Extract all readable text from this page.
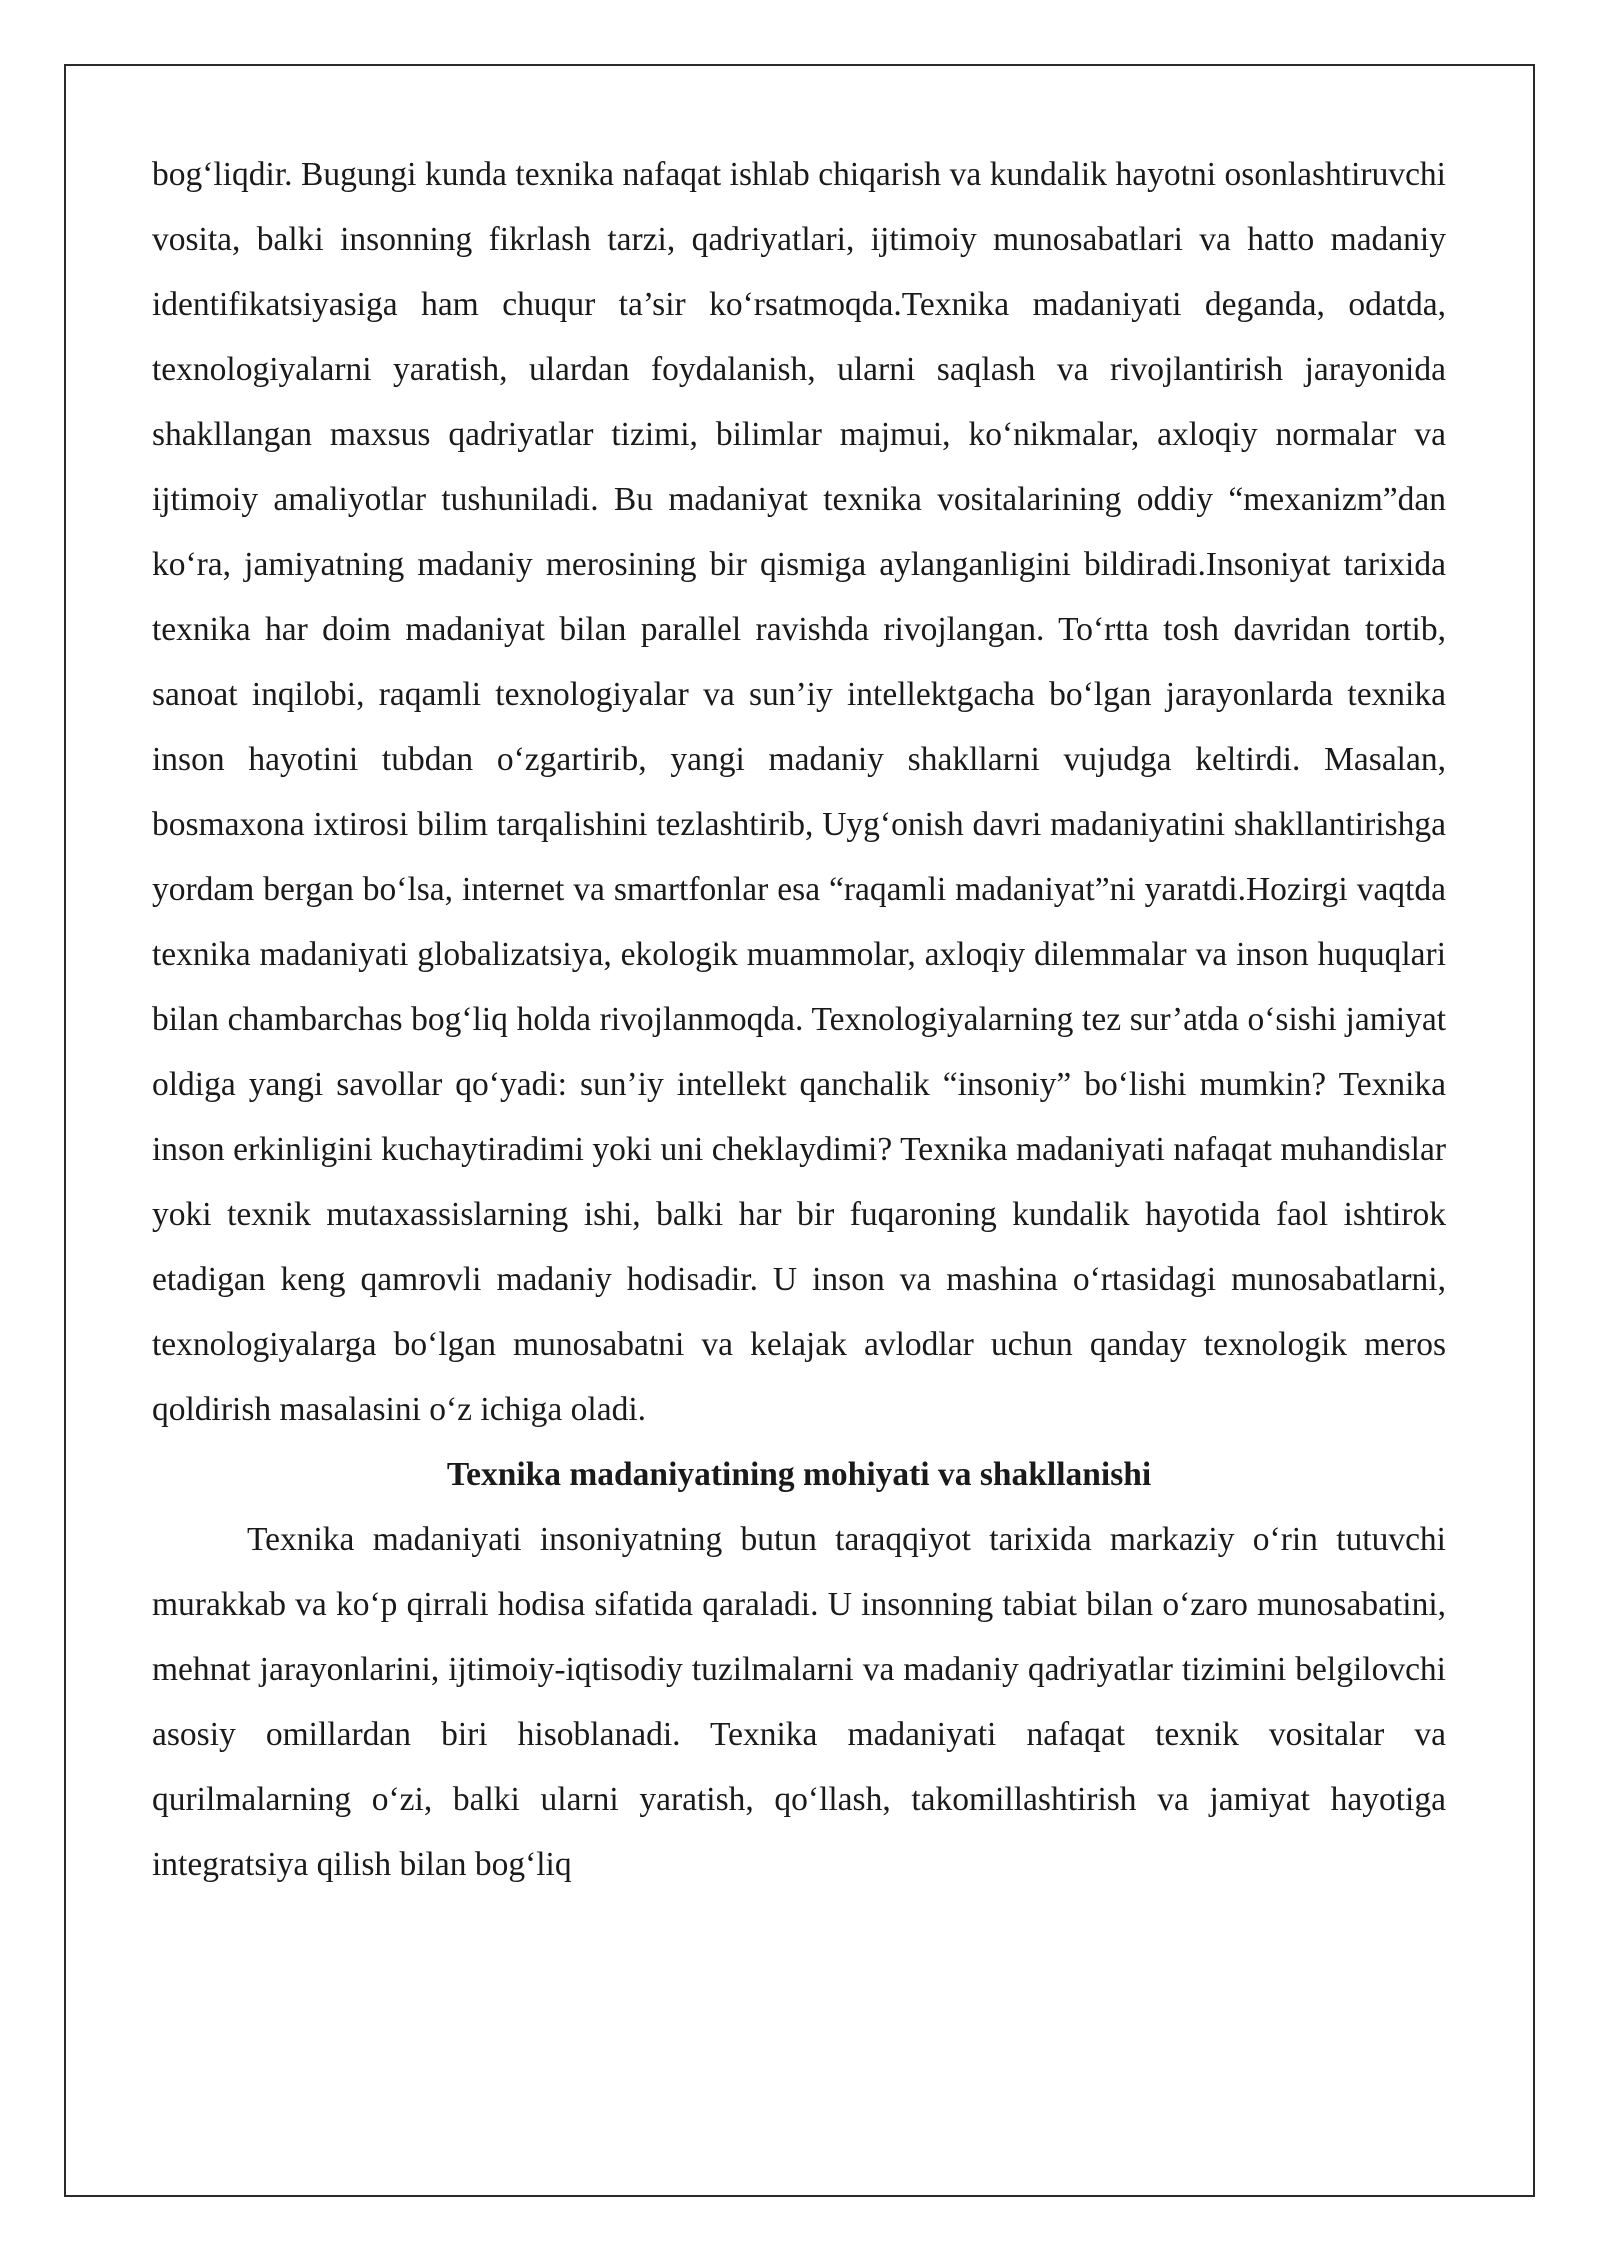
bog‘liqdir. Bugungi kunda texnika nafaqat ishlab chiqarish va kundalik hayotni osonlashtiruvchi vosita, balki insonning fikrlash tarzi, qadriyatlari, ijtimoiy munosabatlari va hatto madaniy identifikatsiyasiga ham chuqur ta’sir ko‘rsatmoqda.Texnika madaniyati deganda, odatda, texnologiyalarni yaratish, ulardan foydalanish, ularni saqlash va rivojlantirish jarayonida shakllangan maxsus qadriyatlar tizimi, bilimlar majmui, ko‘nikmalar, axloqiy normalar va ijtimoiy amaliyotlar tushuniladi. Bu madaniyat texnika vositalarining oddiy “mexanizm”dan ko‘ra, jamiyatning madaniy merosining bir qismiga aylanganligini bildiradi.Insoniyat tarixida texnika har doim madaniyat bilan parallel ravishda rivojlangan. To‘rtta tosh davridan tortib, sanoat inqilobi, raqamli texnologiyalar va sun’iy intellektgacha bo‘lgan jarayonlarda texnika inson hayotini tubdan o‘zgartirib, yangi madaniy shakllarni vujudga keltirdi. Masalan, bosmaxona ixtirosi bilim tarqalishini tezlashtirib, Uyg‘onish davri madaniyatini shakllantirishga yordam bergan bo‘lsa, internet va smartfonlar esa “raqamli madaniyat”ni yaratdi.Hozirgi vaqtda texnika madaniyati globalizatsiya, ekologik muammolar, axloqiy dilemmalar va inson huquqlari bilan chambarchas bog‘liq holda rivojlanmoqda. Texnologiyalarning tez sur’atda o‘sishi jamiyat oldiga yangi savollar qo‘yadi: sun’iy intellekt qanchalik “insoniy” bo‘lishi mumkin? Texnika inson erkinligini kuchaytiradimi yoki uni cheklaydimi? Texnika madaniyati nafaqat muhandislar yoki texnik mutaxassislarning ishi, balki har bir fuqaroning kundalik hayotida faol ishtirok etadigan keng qamrovli madaniy hodisadir. U inson va mashina o‘rtasidagi munosabatlarni, texnologiyalarga bo‘lgan munosabatni va kelajak avlodlar uchun qanday texnologik meros qoldirish masalasini o‘z ichiga oladi.

Texnika madaniyatining mohiyati va shakllanishi

Texnika madaniyati insoniyatning butun taraqqiyot tarixida markaziy o‘rin tutuvchi murakkab va ko‘p qirrali hodisa sifatida qaraladi. U insonning tabiat bilan o‘zaro munosabatini, mehnat jarayonlarini, ijtimoiy-iqtisodiy tuzilmalarni va madaniy qadriyatlar tizimini belgilovchi asosiy omillardan biri hisoblanadi. Texnika madaniyati nafaqat texnik vositalar va qurilmalarning o‘zi, balki ularni yaratish, qo‘llash, takomillashtirish va jamiyat hayotiga integratsiya qilish bilan bog‘liq
